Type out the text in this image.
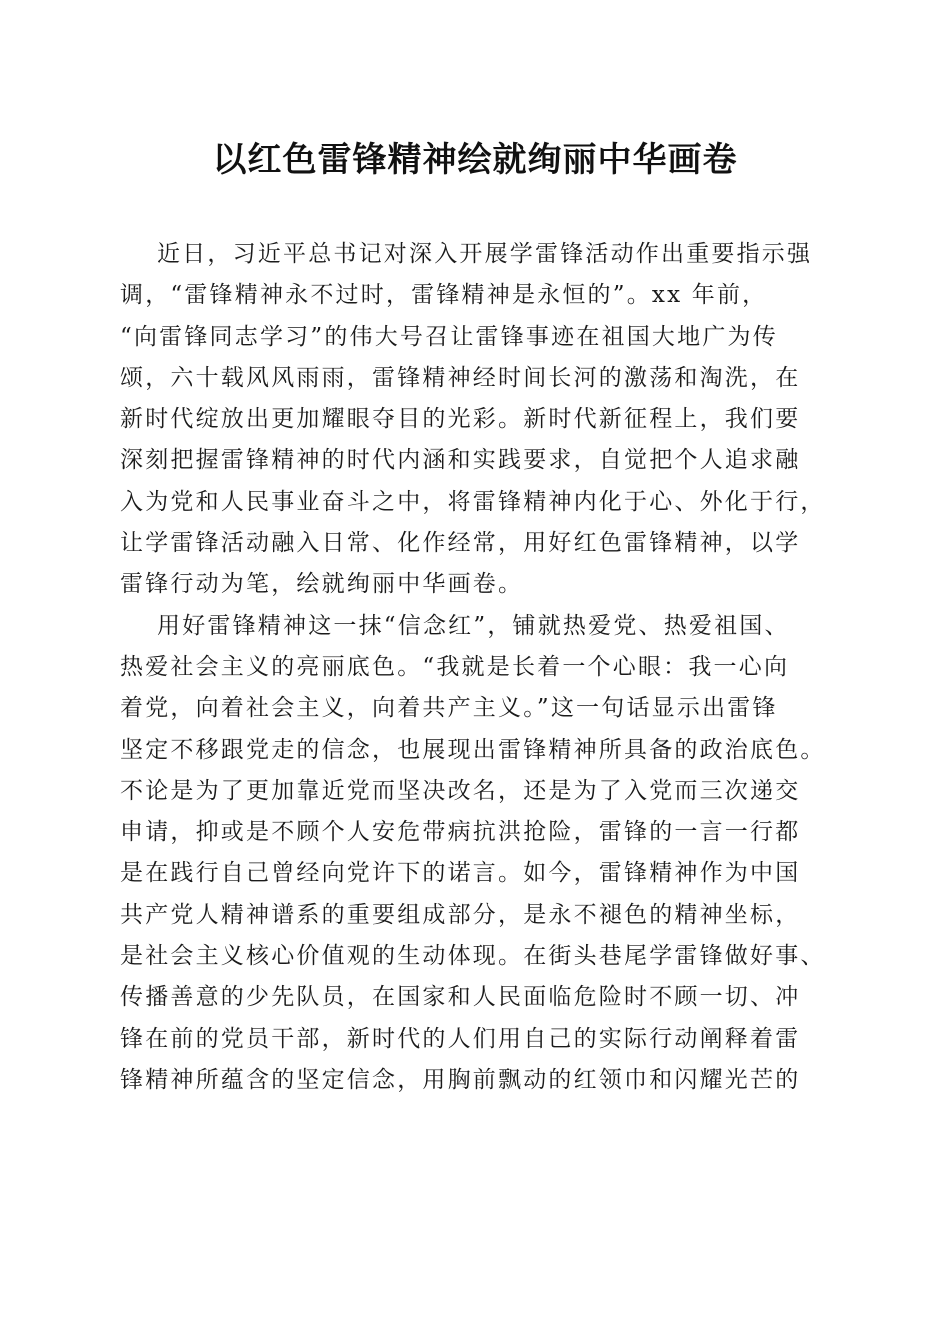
以红色雷锋精神绘就绚丽中华画卷

近日，习近平总书记对深入开展学雷锋活动作出重要指示强
调，“雷锋精神永不过时，雷锋精神是永恒的”。xx 年前，
“向雷锋同志学习”的伟大号召让雷锋事迹在祖国大地广为传
颂，六十载风风雨雨，雷锋精神经时间长河的激荡和淘洗，在
新时代绽放出更加耀眼夺目的光彩。新时代新征程上，我们要
深刻把握雷锋精神的时代内涵和实践要求，自觉把个人追求融
入为党和人民事业奋斗之中，将雷锋精神内化于心、外化于行，
让学雷锋活动融入日常、化作经常，用好红色雷锋精神，以学
雷锋行动为笔，绘就绚丽中华画卷。

用好雷锋精神这一抹“信念红”，铺就热爱党、热爱祖国、
热爱社会主义的亮丽底色。“我就是长着一个心眼：我一心向
着党，向着社会主义，向着共产主义。”这一句话显示出雷锋
坚定不移跟党走的信念，也展现出雷锋精神所具备的政治底色。
不论是为了更加靠近党而坚决改名，还是为了入党而三次递交
申请，抑或是不顾个人安危带病抗洪抢险，雷锋的一言一行都
是在践行自己曾经向党许下的诺言。如今，雷锋精神作为中国
共产党人精神谱系的重要组成部分，是永不褪色的精神坐标，
是社会主义核心价值观的生动体现。在街头巷尾学雷锋做好事、
传播善意的少先队员，在国家和人民面临危险时不顾一切、冲
锋在前的党员干部，新时代的人们用自己的实际行动阐释着雷
锋精神所蕴含的坚定信念，用胸前飘动的红领巾和闪耀光芒的
